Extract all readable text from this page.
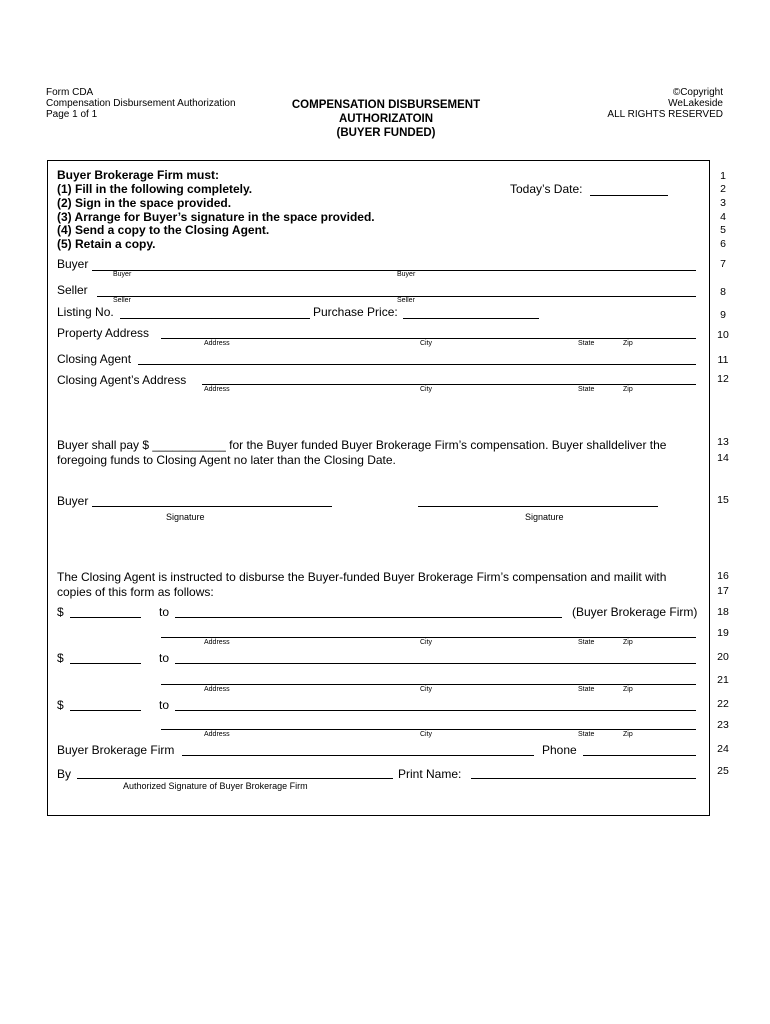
Form CDA
Compensation Disbursement Authorization
Page 1 of 1
COMPENSATION DISBURSEMENT
AUTHORIZATOIN
(BUYER FUNDED)
©Copyright
WeLakeside
ALL RIGHTS RESERVED
Buyer Brokerage Firm must:
(1) Fill in the following completely.
(2) Sign in the space provided.
(3) Arrange for Buyer’s signature in the space provided.
(4) Send a copy to the Closing Agent.
(5) Retain a copy.
Today’s Date:
Buyer
Buyer	Buyer
Seller
Seller	Seller
Listing No.	Purchase Price:
Property Address
Address	City	State	Zip
Closing Agent
Closing Agent’s Address
Address	City	State	Zip
Buyer shall pay $ ___________ for the Buyer funded Buyer Brokerage Firm’s compensation. Buyer shalldeliver the
foregoing funds to Closing Agent no later than the Closing Date.
Buyer
Signature	Signature
The Closing Agent is instructed to disburse the Buyer-funded Buyer Brokerage Firm’s compensation and mailit with
copies of this form as follows:
$	to	(Buyer Brokerage Firm)
Address	City	State	Zip
$	to
Address	City	State	Zip
$	to
Address	City	State	Zip
Buyer Brokerage Firm	Phone
By	Print Name:
Authorized Signature of Buyer Brokerage Firm
1
2
3
4
5
6
7
8
9
10
11
12
13
14
15
16
17
18
19
20
21
22
23
24
25
